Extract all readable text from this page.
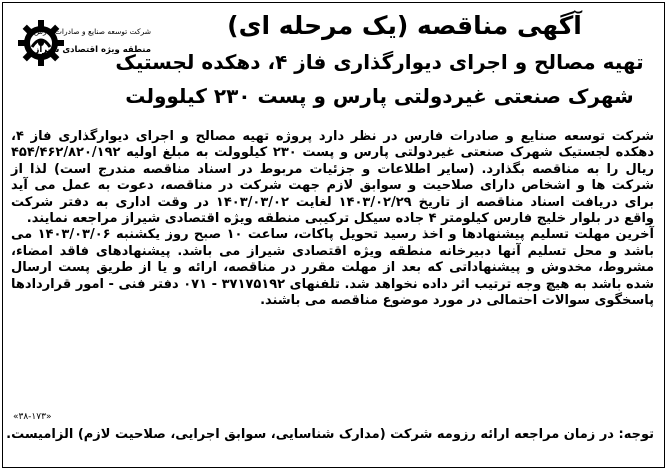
شرکت توسعه صنایع و صادرات فارس
منطقه ویژه اقتصادی شیراز
آگهی مناقصه (یک مرحله ای)
تهیه مصالح و اجرای دیوارگذاری فاز ۴، دهکده لجستیک
شهرک صنعتی غیردولتی پارس و پست ۲۳۰ کیلوولت

شرکت توسعه صنایع و صادرات فارس در نظر دارد پروژه تهیه مصالح و اجرای دیوارگذاری فاز ۴، دهکده لجستیک شهرک صنعتی غیردولتی پارس و پست ۲۳۰ کیلوولت به مبلغ اولیه ۴۵۴/۴۶۲/۸۲۰/۱۹۲ ریال را به مناقصه بگذارد. (سایر اطلاعات و جزئیات مربوط در اسناد مناقصه مندرج است) لذا از شرکت ها و اشخاص دارای صلاحیت و سوابق لازم جهت شرکت در مناقصه، دعوت به عمل می آید برای دریافت اسناد مناقصه از تاریخ ۱۴۰۳/۰۲/۲۹ لغایت ۱۴۰۳/۰۳/۰۲ در وقت اداری به دفتر شرکت واقع در بلوار خلیج فارس کیلومتر ۴ جاده سیکل ترکیبی منطقه ویژه اقتصادی شیراز مراجعه نمایند.

آخرین مهلت تسلیم پیشنهادها و اخذ رسید تحویل پاکات، ساعت ۱۰ صبح روز یکشنبه ۱۴۰۳/۰۳/۰۶ می باشد و محل تسلیم آنها دبیرخانه منطقه ویژه اقتصادی شیراز می باشد. پیشنهادهای فاقد امضاء، مشروط، مخدوش و پیشنهاداتی که بعد از مهلت مقرر در مناقصه، ارائه و یا از طریق پست ارسال شده باشد به هیچ وجه ترتیب اثر داده نخواهد شد. تلفنهای ۳۷۱۷۵۱۹۲ - ۰۷۱ دفتر فنی - امور قراردادها پاسخگوی سوالات احتمالی در مورد موضوع مناقصه می باشند.

«۳۸-۱۷۳»
توجه: در زمان مراجعه ارائه رزومه شرکت (مدارک شناسایی، سوابق اجرایی، صلاحیت لازم) الزامیست.
